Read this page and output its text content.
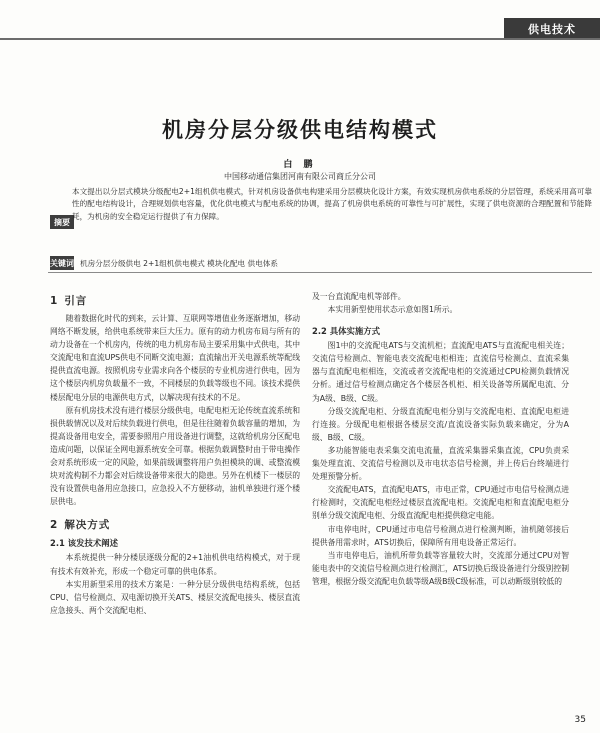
供电技术
机房分层分级供电结构模式
白 鹏
中国移动通信集团河南有限公司商丘分公司
摘要
本文提出以分层式模块分级配电2+1组机供电模式，针对机房设备供电构建采用分层模块化设计方案，有效实现机房供电系统的分层管理，系统采用高可靠性的配电结构设计，合理规划供电容量，优化供电模式与配电系统的协调，提高了机房供电系统的可靠性与可扩展性，实现了供电资源的合理配置和节能降耗，为机房的安全稳定运行提供了有力保障。
关键词 机房分层分级供电 2+1组机供电模式 模块化配电 供电体系
1 引言

随着数据化时代的到来，云计算、互联网等增值业务逐渐增加，移动网络不断发展，给供电系统带来巨大压力。原有的动力机房布局与所有的动力设备在一个机房内，传统的电力机房布局主要采用集中式供电，其中交流配电和直流UPS供电不同断交流电源；直流输出开关电源系统等配线提供直流电源。按照机房专业需求向各个楼层的专业机房进行供电，因为这个楼层内机房负载量不一致，不同楼层的负载等级也不同。该技术提供楼层配电分层的电源供电方式，以解决现有技术的不足。

原有机房技术没有进行楼层分级供电，电配电柜无论传统直流系统和损供载情况以及对后续负载进行供电，但是往往随着负载容量的增加，为提高设备用电安全，需要参照用户用设备进行调整，这就给机房分区配电造成问题，以保证全网电源系统安全可靠。根据负载调整时由于带电操作会对系统形成一定的风险，如果前级调整将用户负担模块的调、或整流模块对流构制不力都会对后续设备带来很大的隐患。另外在机楼下一楼层的没有设置供电备用应急接口，应急投入不方便移动，油机单独进行逐个楼层供电。

2 解决方式
2.1 该发技术阐述

本系统提供一种分楼层逐级分配的2+1油机供电结构模式，对于现有技术有效补充，形成一个稳定可靠的供电体系。

本实用新型采用的技术方案是：一种分层分级供电结构系统，包括CPU、信号检测点、双电源切换开关ATS、楼层交流配电接头、楼层直流应急接头、两个交流配电柜、

及一台直流配电机等部件。

本实用新型使用状态示意如图1所示。

2.2 具体实施方式

图1中的交流配电ATS与交流机柜；直流配电ATS与直流配电相关连；交流信号检测点、智能电表交流配电柜相连；直流信号检测点、直流采集器与直流配电柜相连，交流或者交流配电柜的交流通过CPU检测负载情况分析。通过信号检测点确定各个楼层各机柜、相关设备等所属配电流、分为A级、B级、C级。

分级交流配电柜、分级直流配电柜分别与交流配电柜、直流配电柜进行连接。分级配电柜根据各楼层交流/直流设备实际负载来确定，分为A级、B级、C级。

多功能智能电表采集交流电流量，直流采集器采集直流，CPU负责采集处理直流、交流信号检测以及市电状态信号检测，并上传后台终端进行处理预警分析。

交流配电ATS，直流配电ATS，市电正常，CPU通过市电信号检测点进行检测时，交流配电柜经过楼层直流配电柜。交流配电柜和直流配电柜分别单分级交流配电柜、分级直流配电柜提供稳定电能。

市电停电时，CPU通过市电信号检测点进行检测判断，油机随邻接后提供备用需求时，ATS切换后，保障所有用电设备正常运行。

当市电停电后，油机所带负载等容量较大时，交流部分通过CPU对智能电表中的交流信号检测点进行检测汇，ATS切换后级设备进行分级别控制管理，根据分级交流配电负载等级A级B级C级标准，可以动断级别较低的

35
